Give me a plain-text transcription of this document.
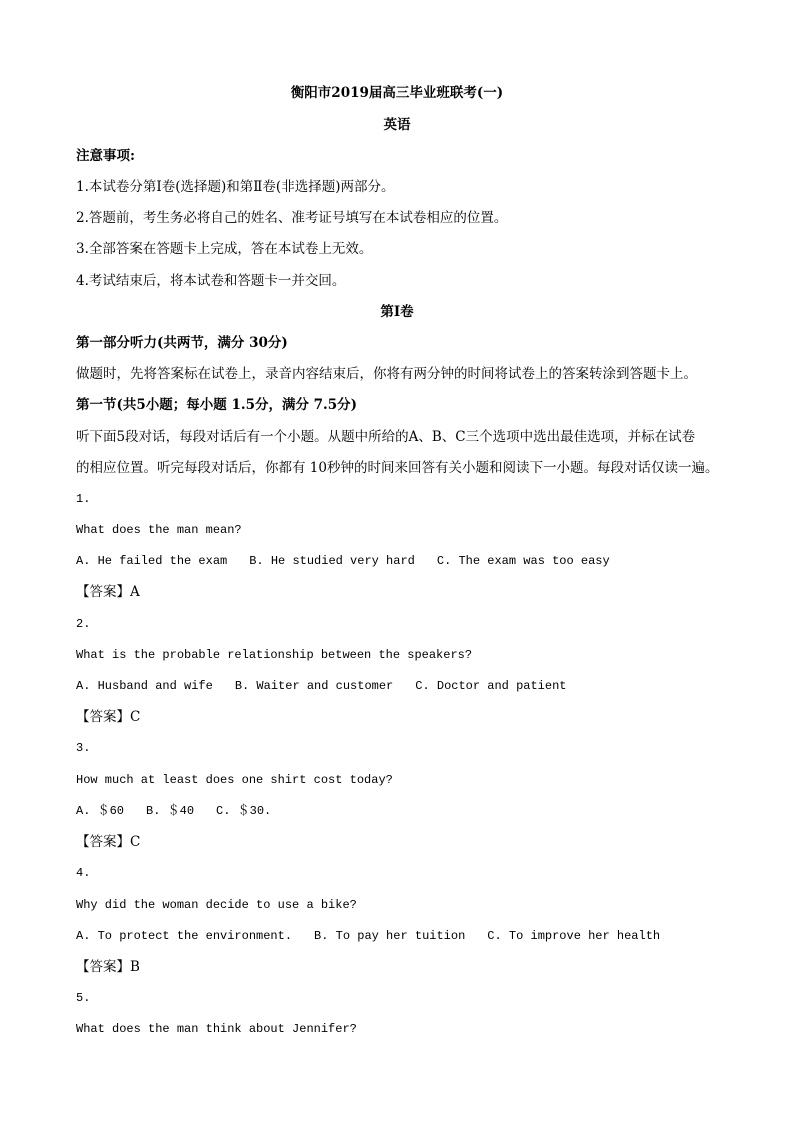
衡阳市2019届高三毕业班联考(一)
英语
注意事项:
1.本试卷分第Ⅰ卷(选择题)和第Ⅱ卷(非选择题)两部分。
2.答题前，考生务必将自己的姓名、准考证号填写在本试卷相应的位置。
3.全部答案在答题卡上完成，答在本试卷上无效。
4.考试结束后，将本试卷和答题卡一并交回。
第Ⅰ卷
第一部分听力(共两节，满分 30分)
做题时，先将答案标在试卷上，录音内容结束后，你将有两分钟的时间将试卷上的答案转涂到答题卡上。
第一节(共5小题；每小题 1.5分，满分 7.5分)
听下面5段对话，每段对话后有一个小题。从题中所给的A、B、C三个选项中选出最佳选项，并标在试卷
的相应位置。听完每段对话后，你都有 10秒钟的时间来回答有关小题和阅读下一小题。每段对话仅读一遍。
1.
What does the man mean?
A. He failed the exam B. He studied very hard C. The exam was too easy
【答案】A
2.
What is the probable relationship between the speakers?
A. Husband and wife B. Waiter and customer C. Doctor and patient
【答案】C
3.
How much at least does one shirt cost today?
A. ＄60 B. ＄40 C. ＄30.
【答案】C
4.
Why did the woman decide to use a bike?
A. To protect the environment. B. To pay her tuition C. To improve her health
【答案】B
5.
What does the man think about Jennifer?
